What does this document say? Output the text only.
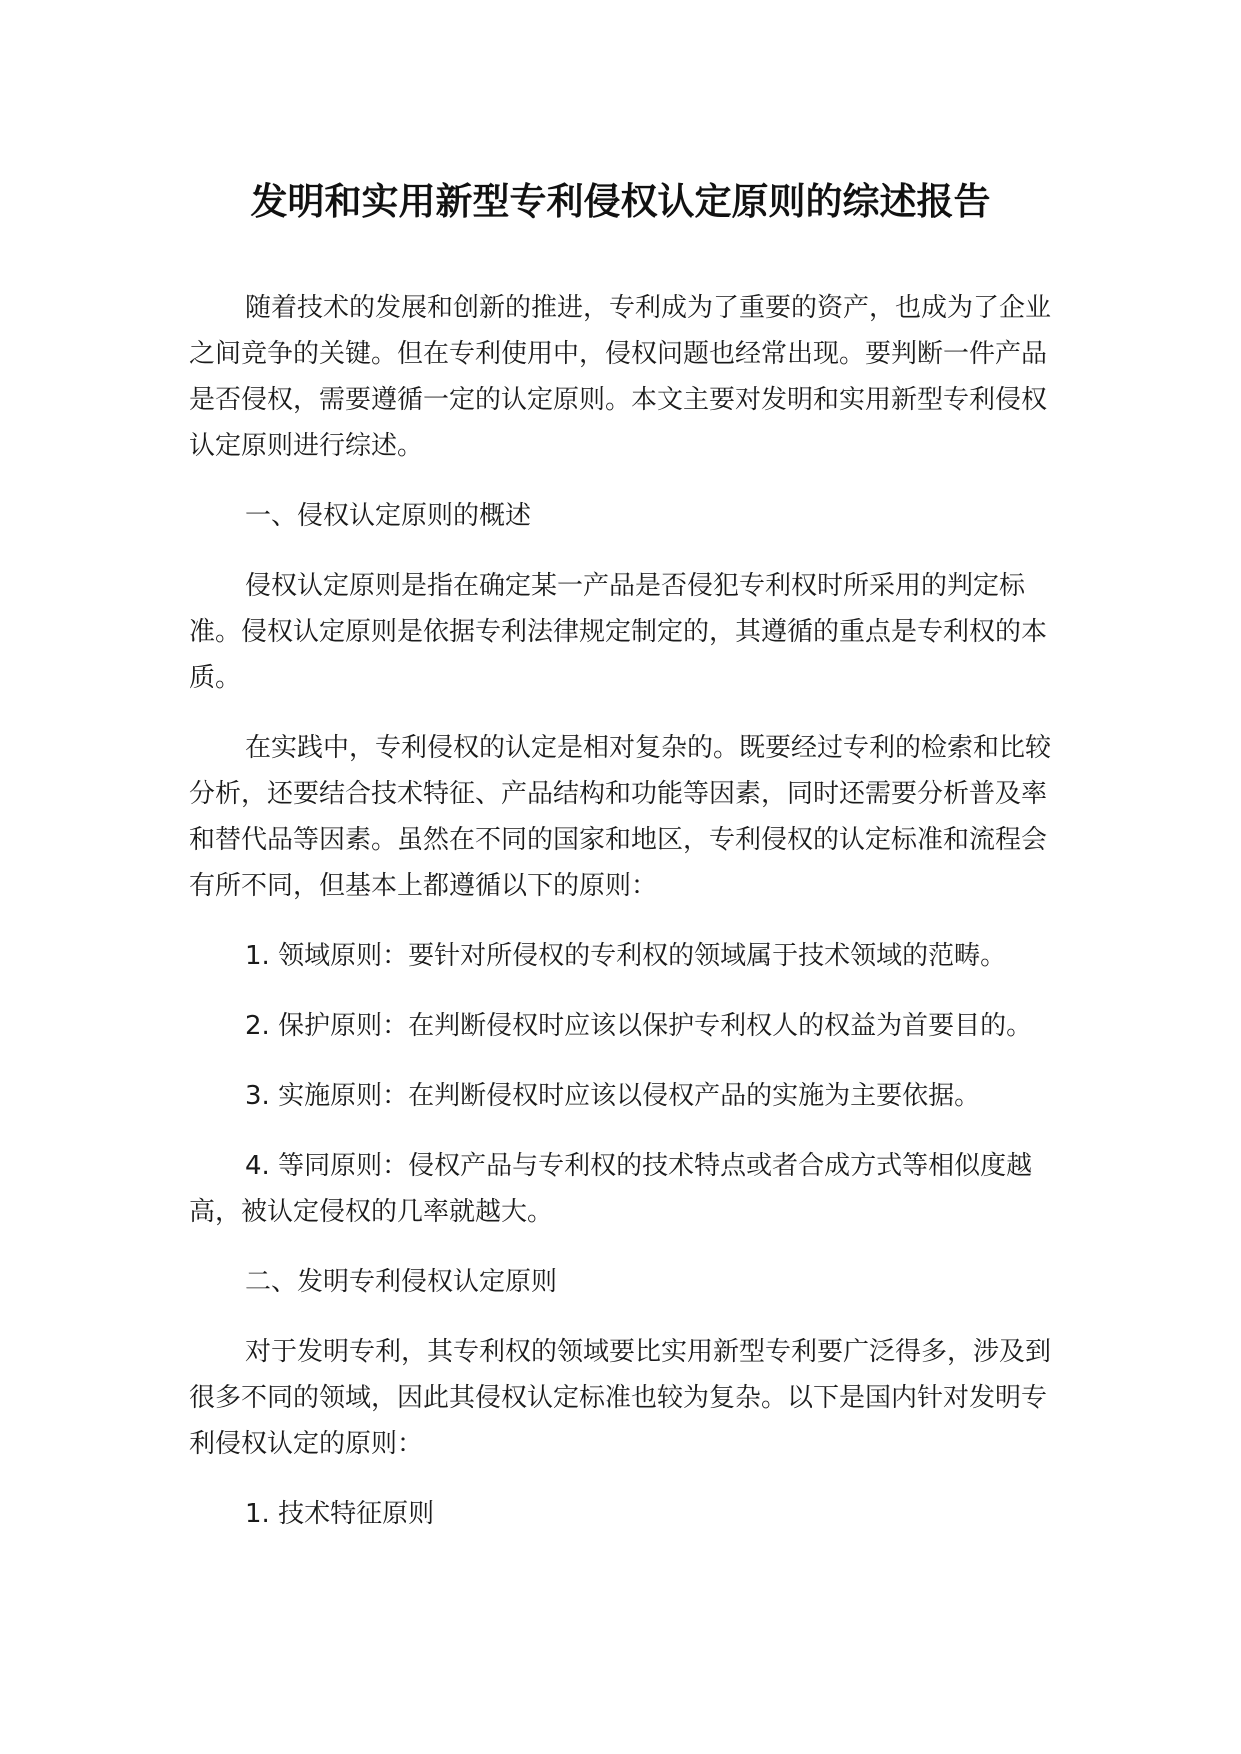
发明和实用新型专利侵权认定原则的综述报告

随着技术的发展和创新的推进，专利成为了重要的资产，也成为了企业之间竞争的关键。但在专利使用中，侵权问题也经常出现。要判断一件产品是否侵权，需要遵循一定的认定原则。本文主要对发明和实用新型专利侵权认定原则进行综述。

一、侵权认定原则的概述

侵权认定原则是指在确定某一产品是否侵犯专利权时所采用的判定标准。侵权认定原则是依据专利法律规定制定的，其遵循的重点是专利权的本质。

在实践中，专利侵权的认定是相对复杂的。既要经过专利的检索和比较分析，还要结合技术特征、产品结构和功能等因素，同时还需要分析普及率和替代品等因素。虽然在不同的国家和地区，专利侵权的认定标准和流程会有所不同，但基本上都遵循以下的原则：

1. 领域原则：要针对所侵权的专利权的领域属于技术领域的范畴。

2. 保护原则：在判断侵权时应该以保护专利权人的权益为首要目的。

3. 实施原则：在判断侵权时应该以侵权产品的实施为主要依据。

4. 等同原则：侵权产品与专利权的技术特点或者合成方式等相似度越高，被认定侵权的几率就越大。

二、发明专利侵权认定原则

对于发明专利，其专利权的领域要比实用新型专利要广泛得多，涉及到很多不同的领域，因此其侵权认定标准也较为复杂。以下是国内针对发明专利侵权认定的原则：

1. 技术特征原则
